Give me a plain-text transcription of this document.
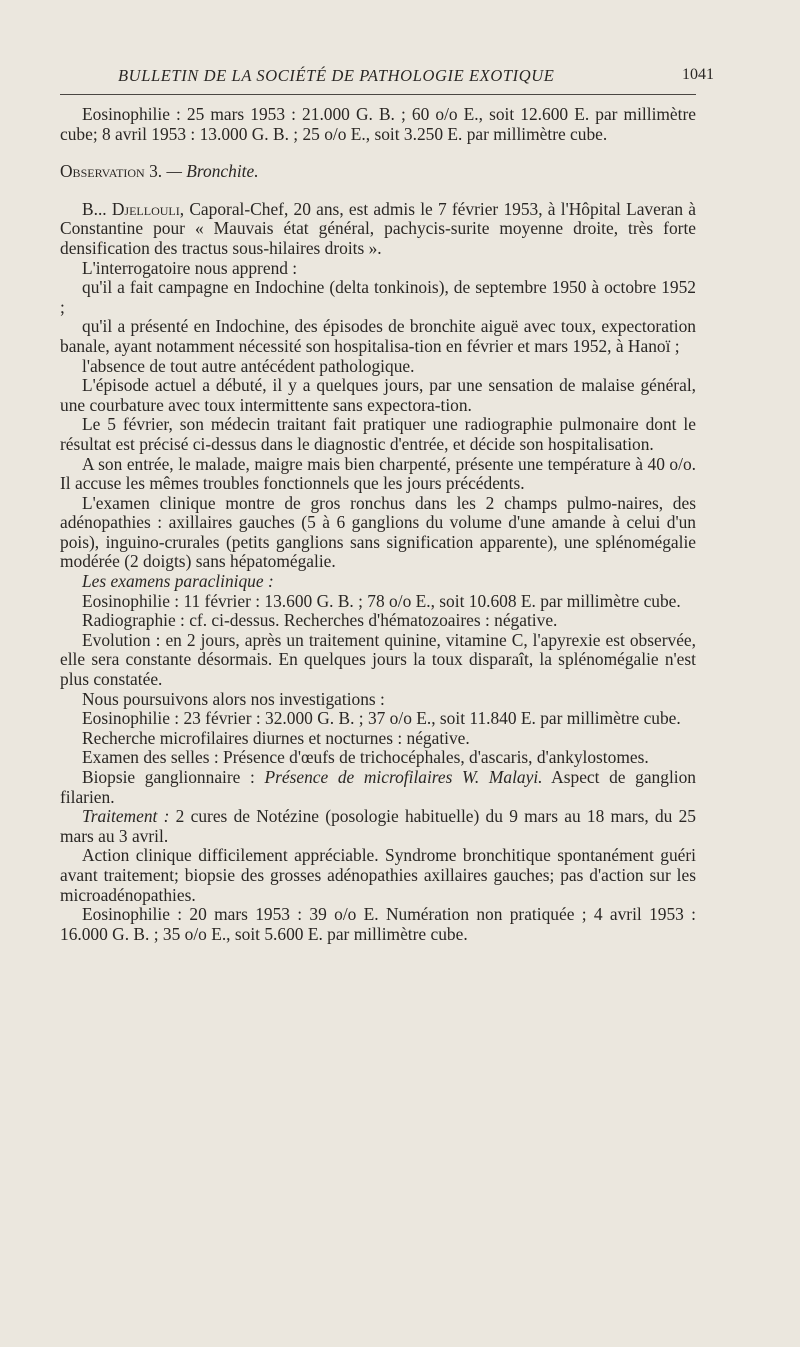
BULLETIN DE LA SOCIÉTÉ DE PATHOLOGIE EXOTIQUE	1041

Eosinophilie : 25 mars 1953 : 21.000 G. B. ; 60 o/o E., soit 12.600 E. par millimètre cube; 8 avril 1953 : 13.000 G. B. ; 25 o/o E., soit 3.250 E. par millimètre cube.

Observation 3. — Bronchite.

B... Djellouli, Caporal-Chef, 20 ans, est admis le 7 février 1953, à l'Hôpital Laveran à Constantine pour « Mauvais état général, pachycis-surite moyenne droite, très forte densification des tractus sous-hilaires droits ».

L'interrogatoire nous apprend :

qu'il a fait campagne en Indochine (delta tonkinois), de septembre 1950 à octobre 1952 ;

qu'il a présenté en Indochine, des épisodes de bronchite aiguë avec toux, expectoration banale, ayant notamment nécessité son hospitalisa-tion en février et mars 1952, à Hanoï ;

l'absence de tout autre antécédent pathologique.

L'épisode actuel a débuté, il y a quelques jours, par une sensation de malaise général, une courbature avec toux intermittente sans expectora-tion.

Le 5 février, son médecin traitant fait pratiquer une radiographie pulmonaire dont le résultat est précisé ci-dessus dans le diagnostic d'entrée, et décide son hospitalisation.

A son entrée, le malade, maigre mais bien charpenté, présente une température à 40 o/o. Il accuse les mêmes troubles fonctionnels que les jours précédents.

L'examen clinique montre de gros ronchus dans les 2 champs pulmo-naires, des adénopathies : axillaires gauches (5 à 6 ganglions du volume d'une amande à celui d'un pois), inguino-crurales (petits ganglions sans signification apparente), une splénomégalie modérée (2 doigts) sans hépatomégalie.

Les examens paraclinique :

Eosinophilie : 11 février : 13.600 G. B. ; 78 o/o E., soit 10.608 E. par millimètre cube.

Radiographie : cf. ci-dessus. Recherches d'hématozoaires : négative.

Evolution : en 2 jours, après un traitement quinine, vitamine C, l'apyrexie est observée, elle sera constante désormais. En quelques jours la toux disparaît, la splénomégalie n'est plus constatée.

Nous poursuivons alors nos investigations :

Eosinophilie : 23 février : 32.000 G. B. ; 37 o/o E., soit 11.840 E. par millimètre cube.

Recherche microfilaires diurnes et nocturnes : négative.

Examen des selles : Présence d'œufs de trichocéphales, d'ascaris, d'ankylostomes.

Biopsie ganglionnaire : Présence de microfilaires W. Malayi. Aspect de ganglion filarien.

Traitement : 2 cures de Notézine (posologie habituelle) du 9 mars au 18 mars, du 25 mars au 3 avril.

Action clinique difficilement appréciable. Syndrome bronchitique spontanément guéri avant traitement; biopsie des grosses adénopathies axillaires gauches; pas d'action sur les microadénopathies.

Eosinophilie : 20 mars 1953 : 39 o/o E. Numération non pratiquée ; 4 avril 1953 : 16.000 G. B. ; 35 o/o E., soit 5.600 E. par millimètre cube.
